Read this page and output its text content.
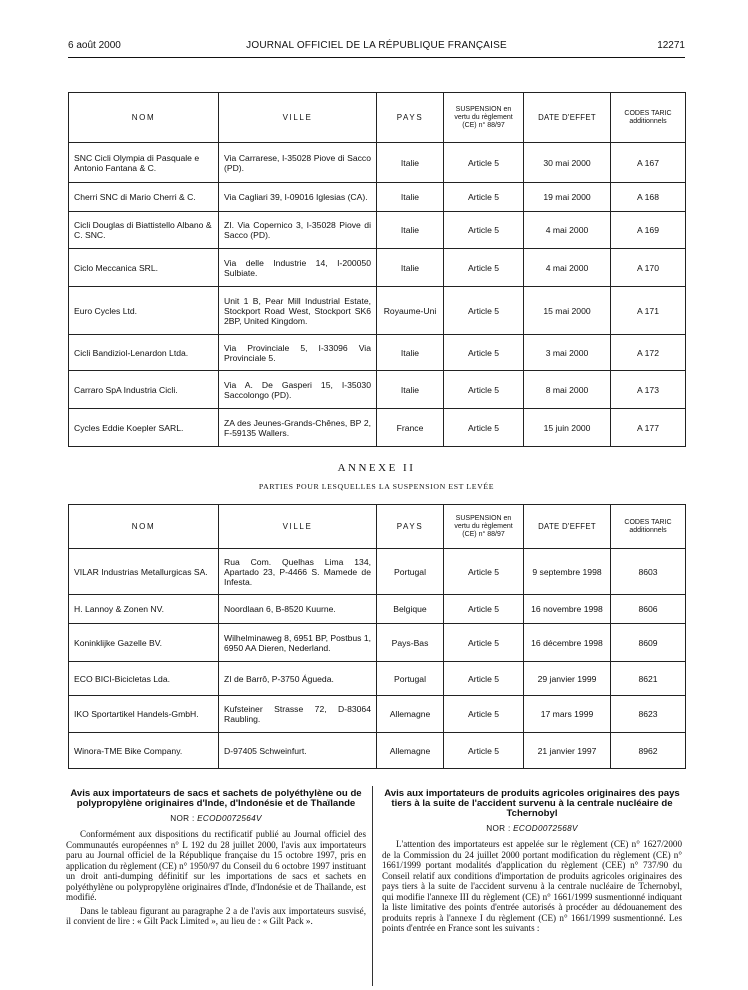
6 août 2000	JOURNAL OFFICIEL DE LA RÉPUBLIQUE FRANÇAISE	12271
NOM	VILLE	PAYS	SUSPENSION en vertu du règlement (CE) n° 88/97	DATE D'EFFET	CODES TARIC additionnels
SNC Cicli Olympia di Pasquale e Antonio Fantana & C.	Via Carrarese, I-35028 Piove di Sacco (PD).	Italie	Article 5	30 mai 2000	A 167
Cherri SNC di Mario Cherri & C.	Via Cagliari 39, I-09016 Iglesias (CA).	Italie	Article 5	19 mai 2000	A 168
Cicli Douglas di Biattistello Albano & C. SNC.	ZI. Via Copernico 3, I-35028 Piove di Sacco (PD).	Italie	Article 5	4 mai 2000	A 169
Ciclo Meccanica SRL.	Via delle Industrie 14, I-200050 Sulbiate.	Italie	Article 5	4 mai 2000	A 170
Euro Cycles Ltd.	Unit 1 B, Pear Mill Industrial Estate, Stockport Road West, Stockport SK6 2BP, United Kingdom.	Royaume-Uni	Article 5	15 mai 2000	A 171
Cicli Bandiziol-Lenardon Ltda.	Via Provinciale 5, I-33096 Via Provinciale 5.	Italie	Article 5	3 mai 2000	A 172
Carraro SpA Industria Cicli.	Via A. De Gasperi 15, I-35030 Saccolongo (PD).	Italie	Article 5	8 mai 2000	A 173
Cycles Eddie Koepler SARL.	ZA des Jeunes-Grands-Chênes, BP 2, F-59135 Wallers.	France	Article 5	15 juin 2000	A 177
ANNEXE II
PARTIES POUR LESQUELLES LA SUSPENSION EST LEVÉE
NOM	VILLE	PAYS	SUSPENSION en vertu du règlement (CE) n° 88/97	DATE D'EFFET	CODES TARIC additionnels
VILAR Industrias Metallurgicas SA.	Rua Com. Quelhas Lima 134, Apartado 23, P-4466 S. Mamede de Infesta.	Portugal	Article 5	9 septembre 1998	8603
H. Lannoy & Zonen NV.	Noordlaan 6, B-8520 Kuurne.	Belgique	Article 5	16 novembre 1998	8606
Koninklijke Gazelle BV.	Wilhelminaweg 8, 6951 BP, Postbus 1, 6950 AA Dieren, Nederland.	Pays-Bas	Article 5	16 décembre 1998	8609
ECO BICI-Bicicletas Lda.	ZI de Barrô, P-3750 Águeda.	Portugal	Article 5	29 janvier 1999	8621
IKO Sportartikel Handels-GmbH.	Kufsteiner Strasse 72, D-83064 Raubling.	Allemagne	Article 5	17 mars 1999	8623
Winora-TME Bike Company.	D-97405 Schweinfurt.	Allemagne	Article 5	21 janvier 1997	8962

Avis aux importateurs de sacs et sachets de polyéthylène ou de polypropylène originaires d'Inde, d'Indonésie et de Thaïlande

NOR : ECOD0072564V

Conformément aux dispositions du rectificatif publié au Journal officiel des Communautés européennes n° L 192 du 28 juillet 2000, l'avis aux importateurs paru au Journal officiel de la République française du 15 octobre 1997, pris en application du règlement (CE) n° 1950/97 du Conseil du 6 octobre 1997 instituant un droit anti-dumping définitif sur les importations de sacs et sachets en polyéthylène ou polypropylène originaires d'Inde, d'Indonésie et de Thaïlande, est modifié.

Dans le tableau figurant au paragraphe 2 a de l'avis aux importateurs susvisé, il convient de lire : « Gilt Pack Limited », au lieu de : « Gilt Pack ».

Avis aux importateurs de produits agricoles originaires des pays tiers à la suite de l'accident survenu à la centrale nucléaire de Tchernobyl

NOR : ECOD0072568V

L'attention des importateurs est appelée sur le règlement (CE) n° 1627/2000 de la Commission du 24 juillet 2000 portant modification du règlement (CE) n° 1661/1999 portant modalités d'application du règlement (CEE) n° 737/90 du Conseil relatif aux conditions d'importation de produits agricoles originaires des pays tiers à la suite de l'accident survenu à la centrale nucléaire de Tchernobyl, qui modifie l'annexe III du règlement (CE) n° 1661/1999 susmentionné indiquant la liste limitative des points d'entrée autorisés à procéder au dédouanement des produits repris à l'annexe I du règlement (CE) n° 1661/1999 susmentionné. Les points d'entrée en France sont les suivants :
